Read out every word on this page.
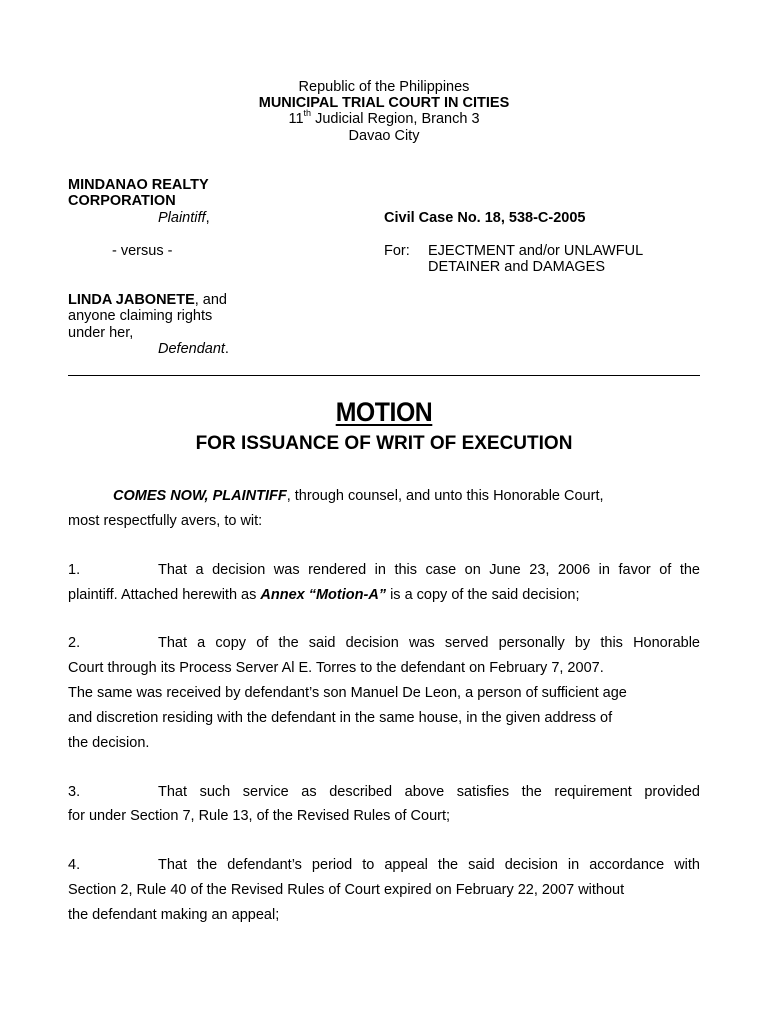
Republic of the Philippines
MUNICIPAL TRIAL COURT IN CITIES
11th Judicial Region, Branch 3
Davao City
MINDANAO REALTY
CORPORATION
Plaintiff,	Civil Case No. 18, 538-C-2005
- versus -	For: EJECTMENT and/or UNLAWFUL
DETAINER and DAMAGES
LINDA JABONETE, and
anyone claiming rights
under her,
Defendant.
MOTION
FOR ISSUANCE OF WRIT OF EXECUTION
COMES NOW, PLAINTIFF, through counsel, and unto this Honorable Court,
most respectfully avers, to wit:
1.	That a decision was rendered in this case on June 23, 2006 in favor of the
plaintiff. Attached herewith as Annex “Motion-A” is a copy of the said decision;
2.	That a copy of the said decision was served personally by this Honorable
Court through its Process Server Al E. Torres to the defendant on February 7, 2007.
The same was received by defendant’s son Manuel De Leon, a person of sufficient age
and discretion residing with the defendant in the same house, in the given address of
the decision.
3.	That such service as described above satisfies the requirement provided
for under Section 7, Rule 13, of the Revised Rules of Court;
4.	That the defendant’s period to appeal the said decision in accordance with
Section 2, Rule 40 of the Revised Rules of Court expired on February 22, 2007 without
the defendant making an appeal;
